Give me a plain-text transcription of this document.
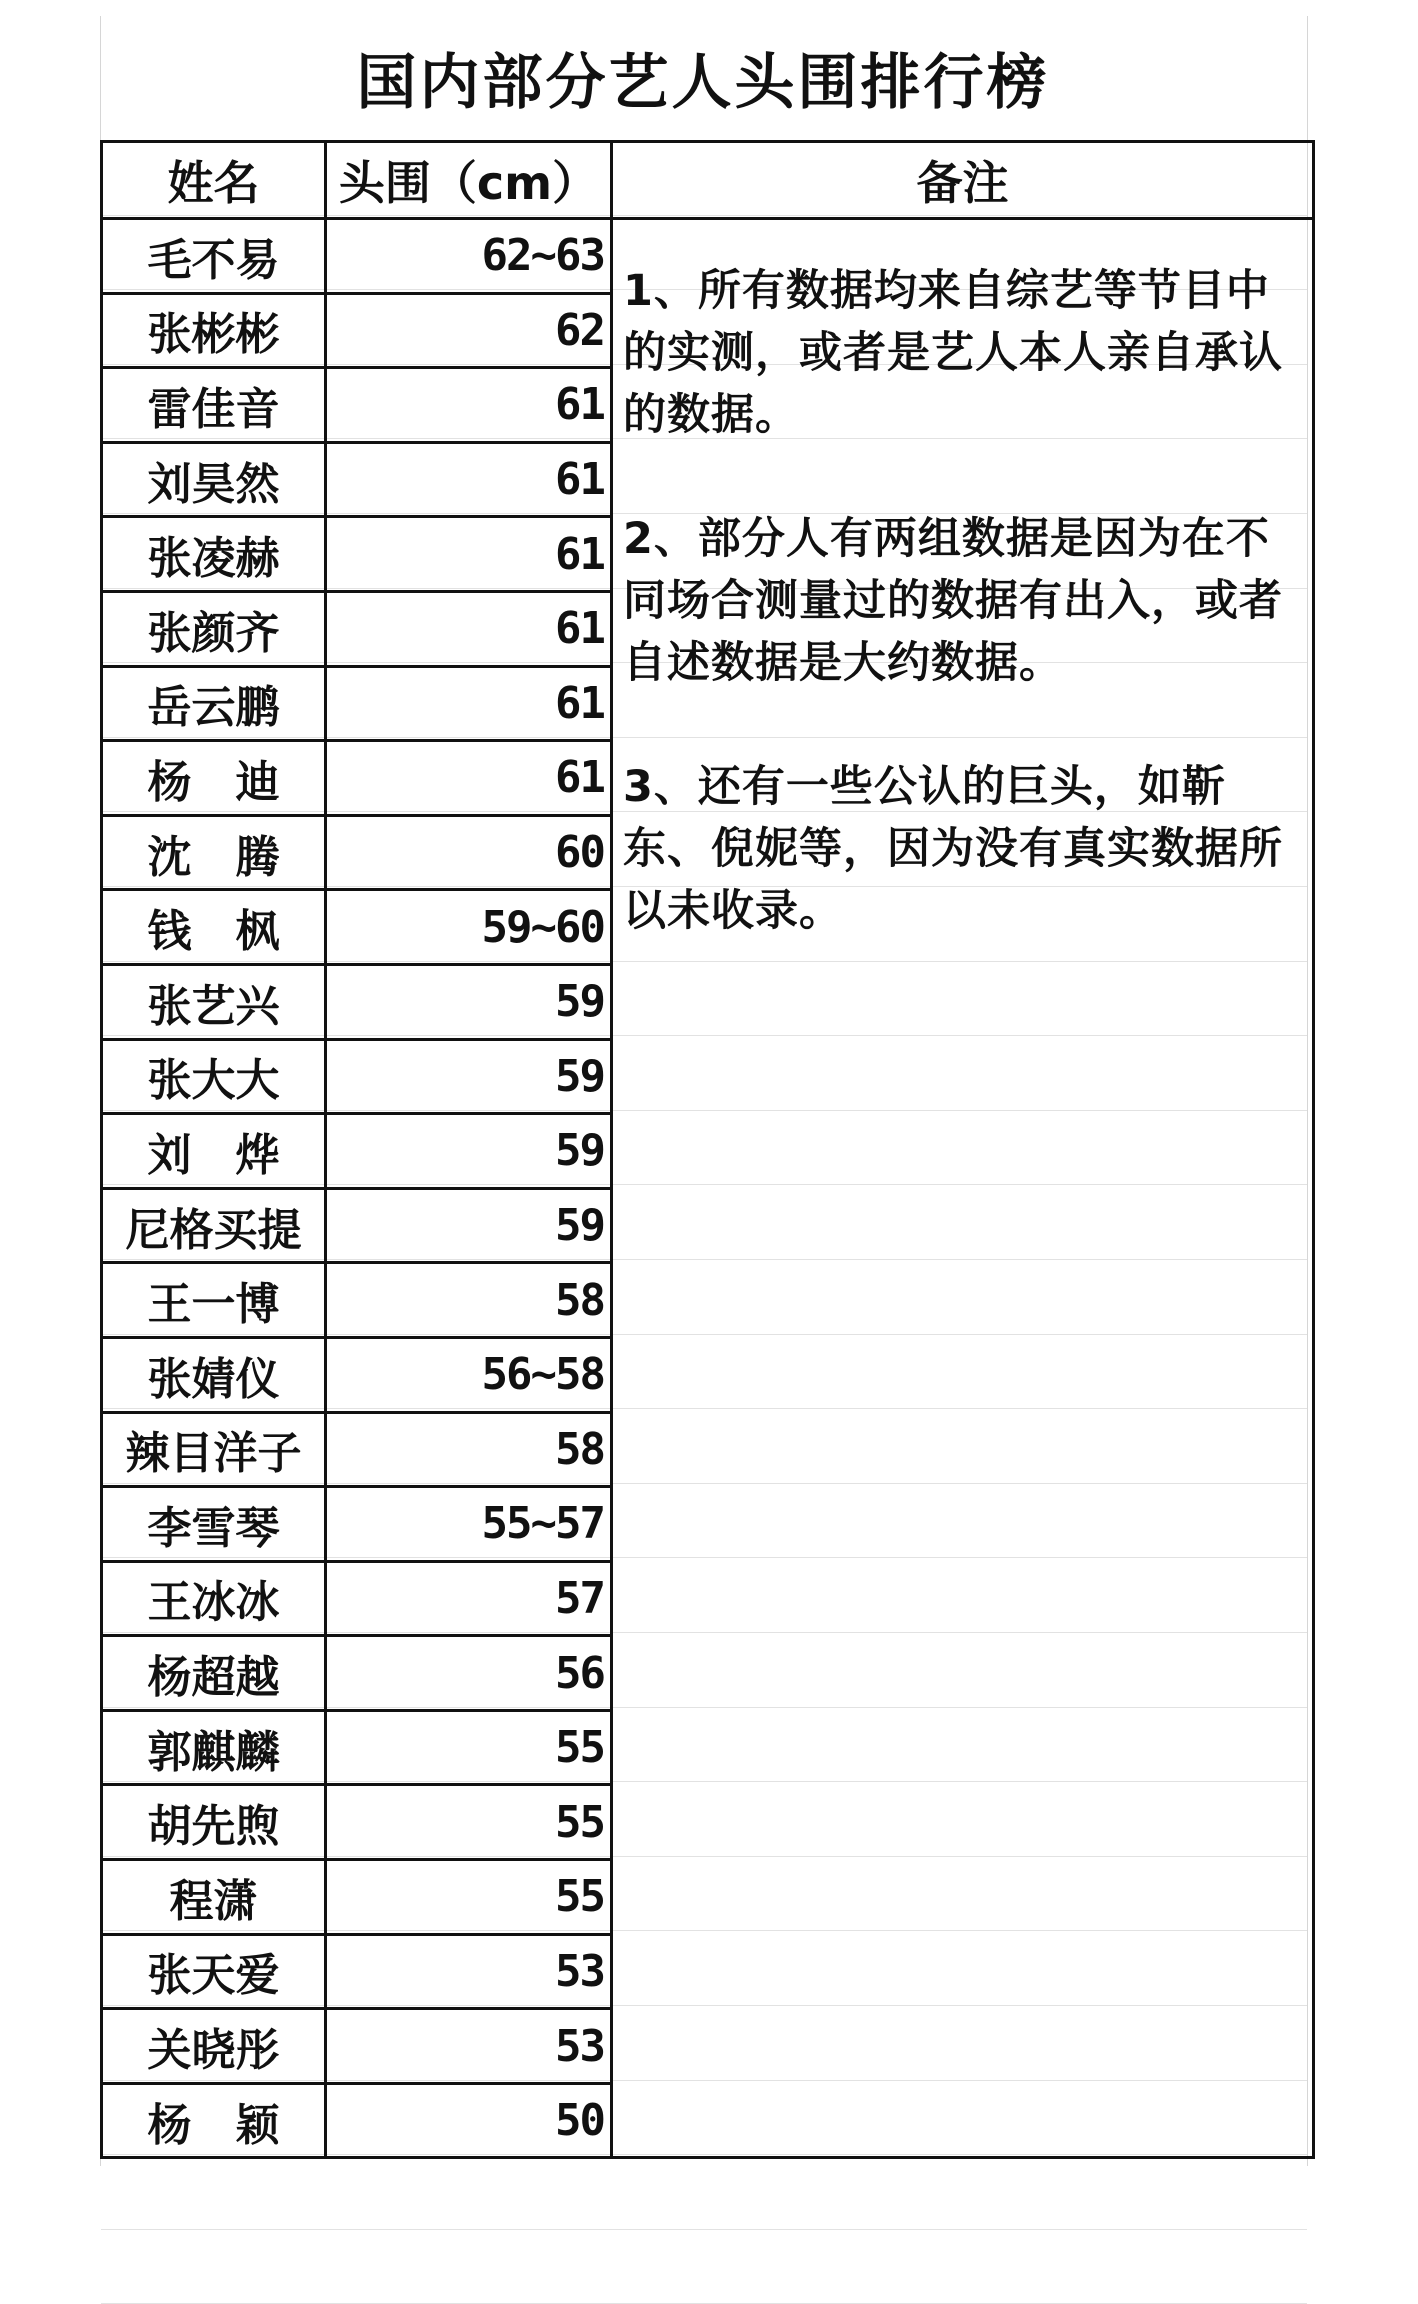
国内部分艺人头围排行榜
姓名	头围（cm）	备注
毛不易	62~63	1、所有数据均来自综艺等节目中的实测，或者是艺人本人亲自承认的数据。

2、部分人有两组数据是因为在不同场合测量过的数据有出入，或者自述数据是大约数据。

3、还有一些公认的巨头，如靳东、倪妮等，因为没有真实数据所以未收录。

张彬彬	62	
雷佳音	61	
刘昊然	61	
张凌赫	61	
张颜齐	61	
岳云鹏	61	
杨　迪	61	
沈　腾	60	
钱　枫	59~60	
张艺兴	59	
张大大	59	
刘　烨	59	
尼格买提	59	
王一博	58	
张婧仪	56~58	
辣目洋子	58	
李雪琴	55~57	
王冰冰	57	
杨超越	56	
郭麒麟	55	
胡先煦	55	
程潇	55	
张天爱	53	
关晓彤	53	
杨　颖	50	
